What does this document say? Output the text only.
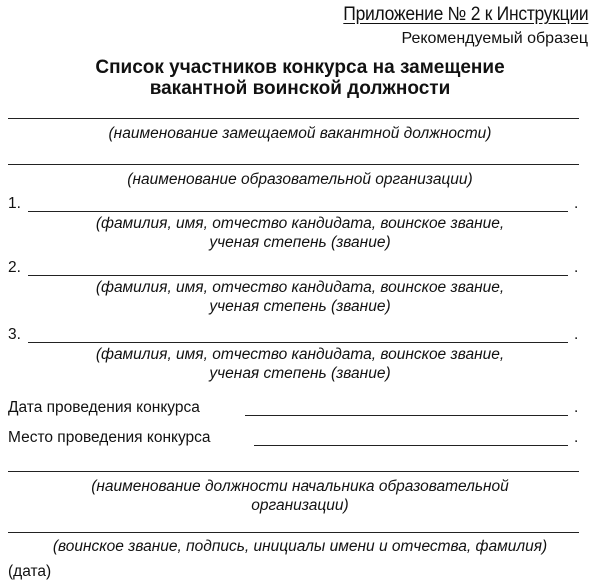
Приложение № 2 к Инструкции
Рекомендуемый образец
Список участников конкурса на замещение
вакантной воинской должности
(наименование замещаемой вакантной должности)
(наименование образовательной организации)
1.	.
(фамилия, имя, отчество кандидата, воинское звание,
ученая степень (звание)
2.	.
(фамилия, имя, отчество кандидата, воинское звание,
ученая степень (звание)
3.	.
(фамилия, имя, отчество кандидата, воинское звание,
ученая степень (звание)
Дата проведения конкурса	.
Место проведения конкурса	.
(наименование должности начальника образовательной
организации)
(воинское звание, подпись, инициалы имени и отчества, фамилия)
(дата)
